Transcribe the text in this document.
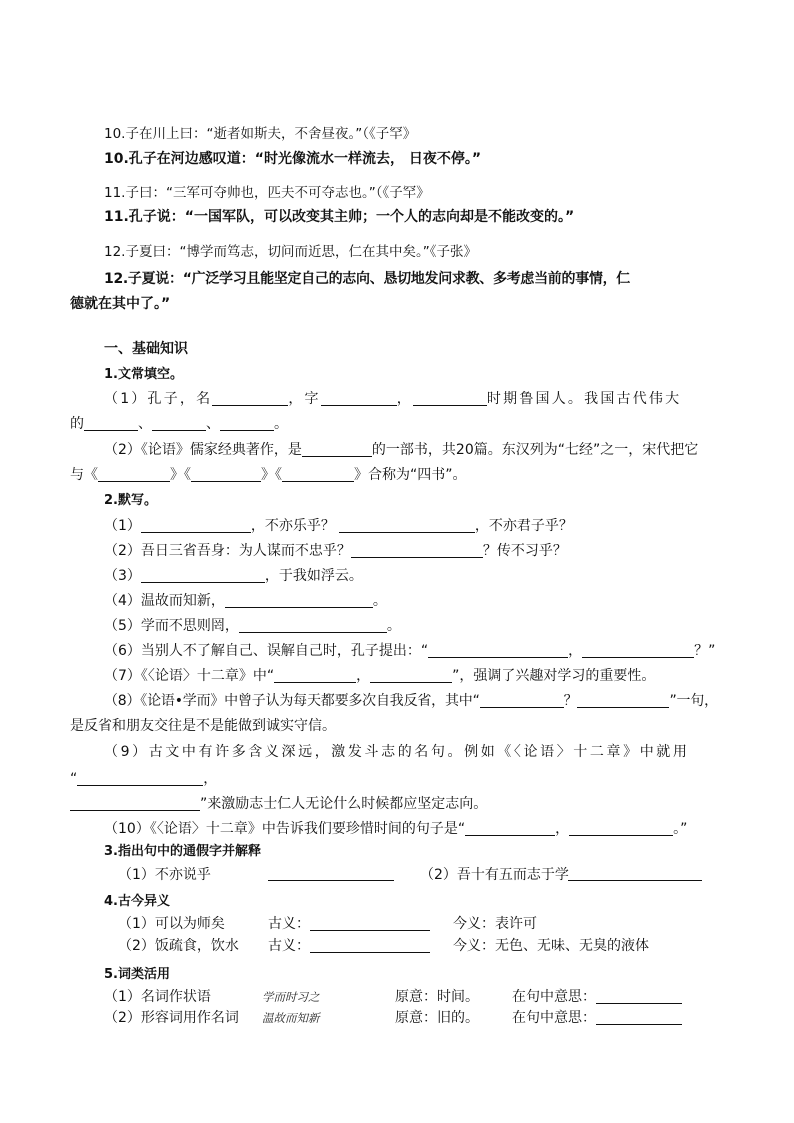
10.子在川上曰：“逝者如斯夫，不舍昼夜。”（《子罕》
10.孔子在河边感叹道：“时光像流水一样流去， 日夜不停。”
11.子曰：“三军可夺帅也，匹夫不可夺志也。”（《子罕》
11.孔子说：“一国军队，可以改变其主帅；一个人的志向却是不能改变的。”
12.子夏曰：“博学而笃志，切问而近思，仁在其中矣。”《子张》
12.子夏说：“广泛学习且能坚定自己的志向、恳切地发问求教、多考虑当前的事情，仁
德就在其中了。”
一、基础知识
1.文常填空。
（1）孔子，名	，字	，	时期鲁国人。我国古代伟大
的	、	、	。
（2）《论语》儒家经典著作，是	的一部书，共20篇。东汉列为“七经”之一，宋代把它
与《	》《	》《	》合称为“四书”。
2.默写。
（1）	，不亦乐乎？	，不亦君子乎？
（2）吾日三省吾身：为人谋而不忠乎？	？传不习乎？
（3）	，于我如浮云。
（4）温故而知新，	。
（5）学而不思则罔，	。
（6）当别人不了解自己、误解自己时，孔子提出：“	，	？”
（7）《〈论语〉十二章》中“	，	”，强调了兴趣对学习的重要性。
（8）《论语•学而》中曾子认为每天都要多次自我反省，其中“	？	”一句，
是反省和朋友交往是不是能做到诚实守信。
（9）古文中有许多含义深远，激发斗志的名句。例如《〈论语〉十二章》中就用
“	，
”来激励志士仁人无论什么时候都应坚定志向。
（10）《〈论语〉十二章》中告诉我们要珍惜时间的句子是“	，	。”
3.指出句中的通假字并解释
（1）不亦说乎	（2）吾十有五而志于学
4.古今异义
（1）可以为师矣	古义：	今义：表许可
（2）饭疏食，饮水 古义：	今义：无色、无味、无臭的液体
5.词类活用
（1）名词作状语	学而时习之	原意：时间。 在句中意思：
（2）形容词用作名词 温故而知新	原意：旧的。 在句中意思：
